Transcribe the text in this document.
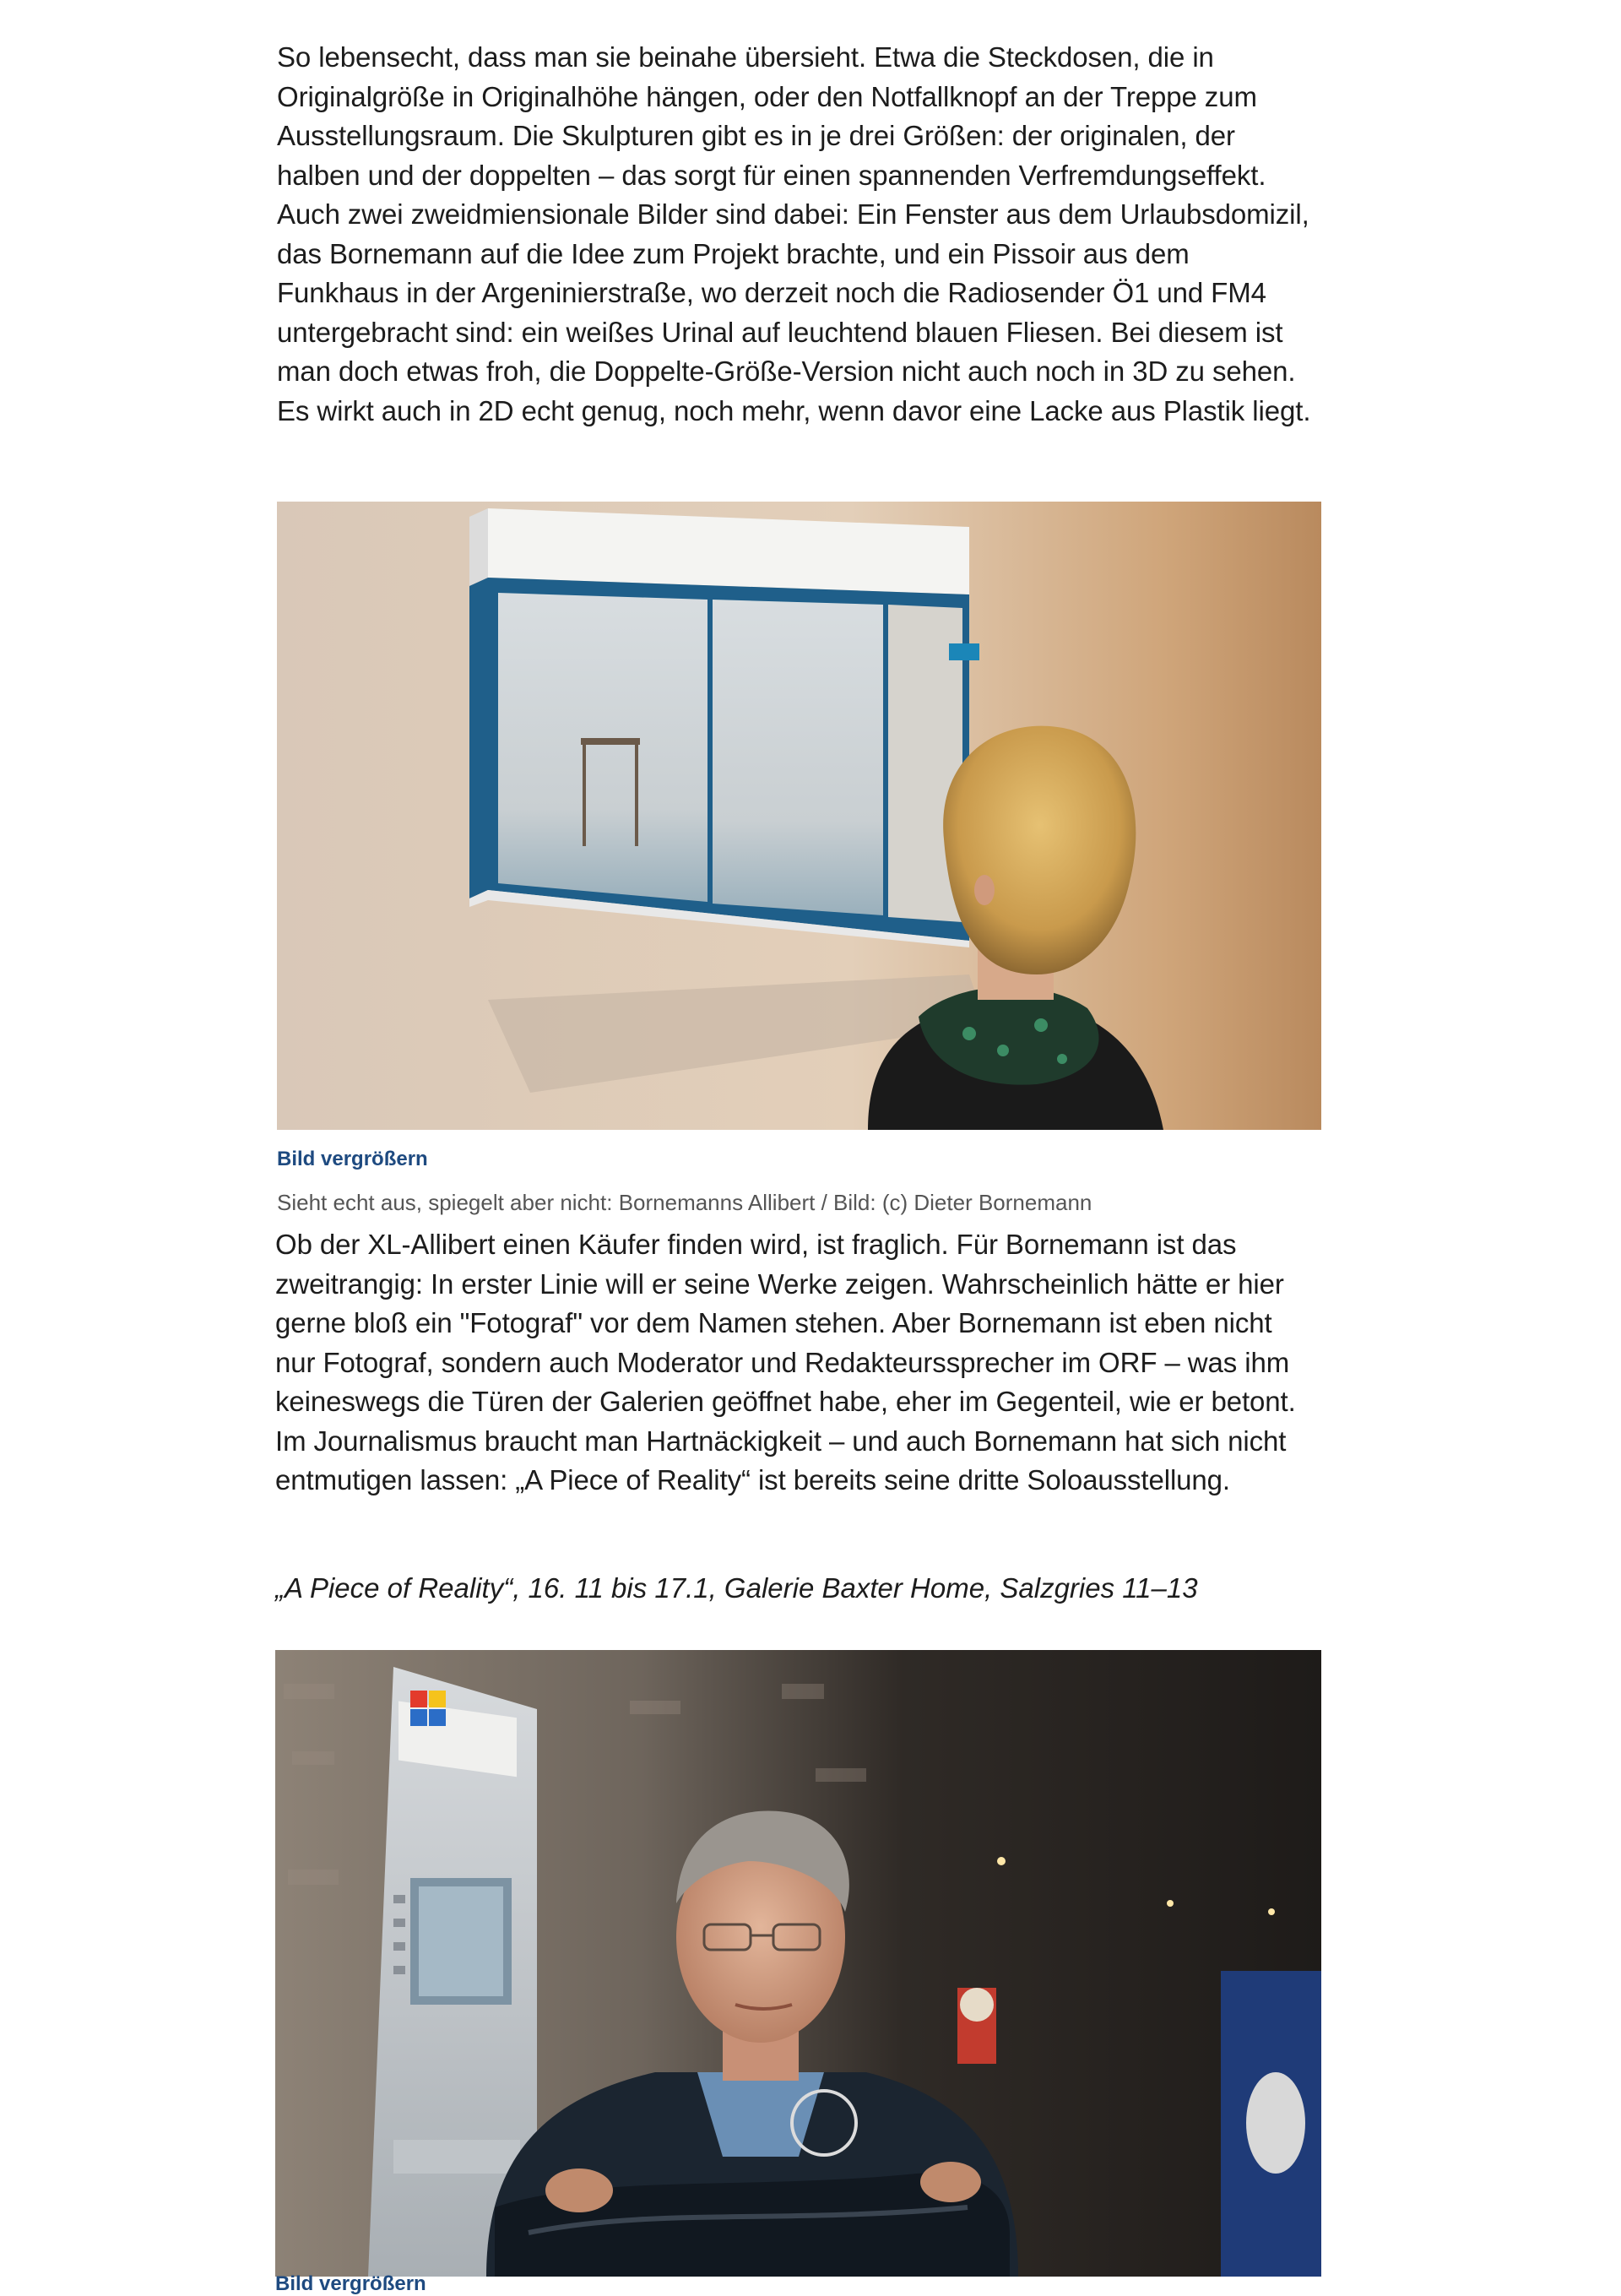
So lebensecht, dass man sie beinahe übersieht. Etwa die Steckdosen, die in Originalgröße in Originalhöhe hängen, oder den Notfallknopf an der Treppe zum Ausstellungsraum. Die Skulpturen gibt es in je drei Größen: der originalen, der halben und der doppelten – das sorgt für einen spannenden Verfremdungseffekt. Auch zwei zweidmiensionale Bilder sind dabei: Ein Fenster aus dem Urlaubsdomizil, das Bornemann auf die Idee zum Projekt brachte, und ein Pissoir aus dem Funkhaus in der Argeninierstraße, wo derzeit noch die Radiosender Ö1 und FM4 untergebracht sind: ein weißes Urinal auf leuchtend blauen Fliesen. Bei diesem ist man doch etwas froh, die Doppelte-Größe-Version nicht auch noch in 3D zu sehen. Es wirkt auch in 2D echt genug, noch mehr, wenn davor eine Lacke aus Plastik liegt.

Bild vergrößern
Sieht echt aus, spiegelt aber nicht: Bornemanns Allibert / Bild: (c) Dieter Bornemann

Ob der XL-Allibert einen Käufer finden wird, ist fraglich. Für Bornemann ist das zweitrangig: In erster Linie will er seine Werke zeigen. Wahrscheinlich hätte er hier gerne bloß ein "Fotograf" vor dem Namen stehen. Aber Bornemann ist eben nicht nur Fotograf, sondern auch Moderator und Redakteurssprecher im ORF – was ihm keineswegs die Türen der Galerien geöffnet habe, eher im Gegenteil, wie er betont. Im Journalismus braucht man Hartnäckigkeit – und auch Bornemann hat sich nicht entmutigen lassen: „A Piece of Reality“ ist bereits seine dritte Soloausstellung.

„A Piece of Reality“, 16. 11 bis 17.1, Galerie Baxter Home, Salzgries 11–13

Bild vergrößern
